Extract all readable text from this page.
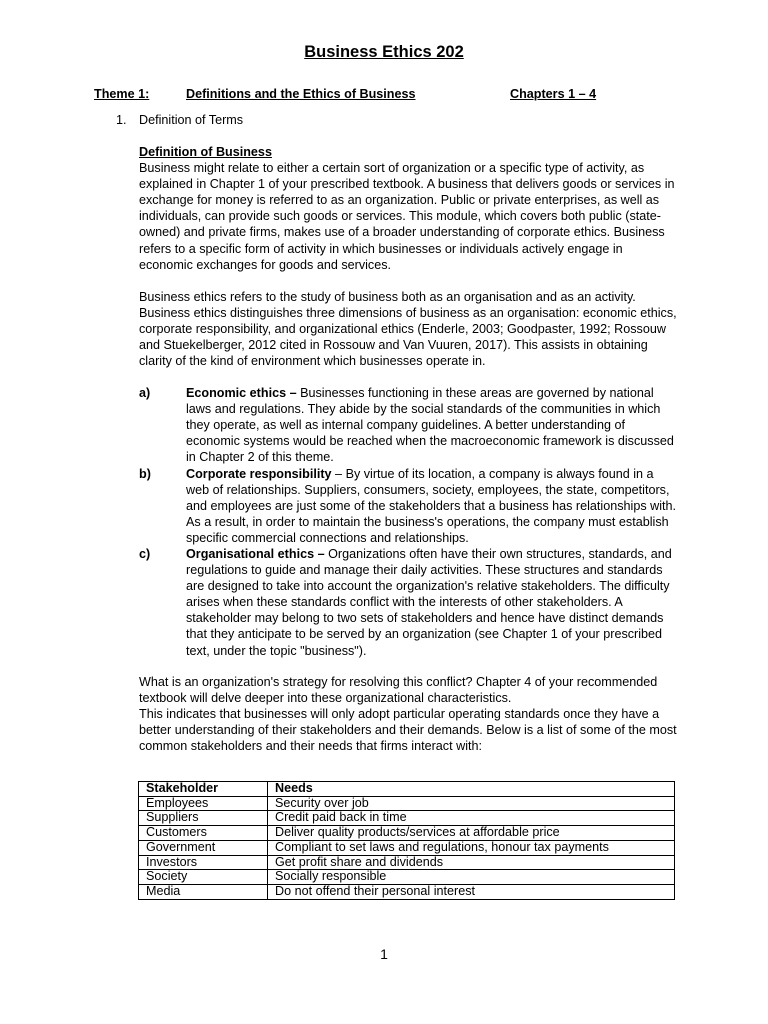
Business Ethics 202
Theme 1:	Definitions and the Ethics of Business	Chapters 1 – 4
1. Definition of Terms
Definition of Business
Business might relate to either a certain sort of organization or a specific type of activity, as explained in Chapter 1 of your prescribed textbook. A business that delivers goods or services in exchange for money is referred to as an organization. Public or private enterprises, as well as individuals, can provide such goods or services. This module, which covers both public (state-owned) and private firms, makes use of a broader understanding of corporate ethics. Business refers to a specific form of activity in which businesses or individuals actively engage in economic exchanges for goods and services.
Business ethics refers to the study of business both as an organisation and as an activity. Business ethics distinguishes three dimensions of business as an organisation: economic ethics, corporate responsibility, and organizational ethics (Enderle, 2003; Goodpaster, 1992; Rossouw and Stuekelberger, 2012 cited in Rossouw and Van Vuuren, 2017). This assists in obtaining clarity of the kind of environment which businesses operate in.
a)	Economic ethics – Businesses functioning in these areas are governed by national laws and regulations. They abide by the social standards of the communities in which they operate, as well as internal company guidelines. A better understanding of economic systems would be reached when the macroeconomic framework is discussed in Chapter 2 of this theme.
b)	Corporate responsibility – By virtue of its location, a company is always found in a web of relationships. Suppliers, consumers, society, employees, the state, competitors, and employees are just some of the stakeholders that a business has relationships with. As a result, in order to maintain the business's operations, the company must establish specific commercial connections and relationships.
c)	Organisational ethics – Organizations often have their own structures, standards, and regulations to guide and manage their daily activities. These structures and standards are designed to take into account the organization's relative stakeholders. The difficulty arises when these standards conflict with the interests of other stakeholders. A stakeholder may belong to two sets of stakeholders and hence have distinct demands that they anticipate to be served by an organization (see Chapter 1 of your prescribed text, under the topic "business").
What is an organization's strategy for resolving this conflict? Chapter 4 of your recommended textbook will delve deeper into these organizational characteristics.
This indicates that businesses will only adopt particular operating standards once they have a better understanding of their stakeholders and their demands. Below is a list of some of the most common stakeholders and their needs that firms interact with:
Stakeholder	Needs
Employees	Security over job
Suppliers	Credit paid back in time
Customers	Deliver quality products/services at affordable price
Government	Compliant to set laws and regulations, honour tax payments
Investors	Get profit share and dividends
Society	Socially responsible
Media	Do not offend their personal interest
1
